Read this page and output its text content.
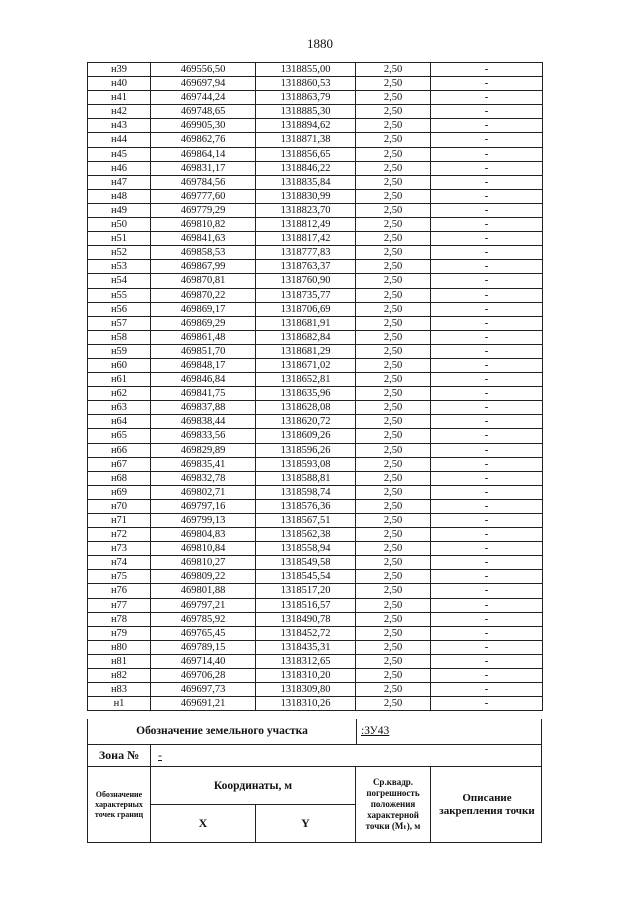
1880
н39	469556,50	1318855,00	2,50	-
н40	469697,94	1318860,53	2,50	-
н41	469744,24	1318863,79	2,50	-
н42	469748,65	1318885,30	2,50	-
н43	469905,30	1318894,62	2,50	-
н44	469862,76	1318871,38	2,50	-
н45	469864,14	1318856,65	2,50	-
н46	469831,17	1318846,22	2,50	-
н47	469784,56	1318835,84	2,50	-
н48	469777,60	1318830,99	2,50	-
н49	469779,29	1318823,70	2,50	-
н50	469810,82	1318812,49	2,50	-
н51	469841,63	1318817,42	2,50	-
н52	469858,53	1318777,83	2,50	-
н53	469867,99	1318763,37	2,50	-
н54	469870,81	1318760,90	2,50	-
н55	469870,22	1318735,77	2,50	-
н56	469869,17	1318706,69	2,50	-
н57	469869,29	1318681,91	2,50	-
н58	469861,48	1318682,84	2,50	-
н59	469851,70	1318681,29	2,50	-
н60	469848,17	1318671,02	2,50	-
н61	469846,84	1318652,81	2,50	-
н62	469841,75	1318635,96	2,50	-
н63	469837,88	1318628,08	2,50	-
н64	469838,44	1318620,72	2,50	-
н65	469833,56	1318609,26	2,50	-
н66	469829,89	1318596,26	2,50	-
н67	469835,41	1318593,08	2,50	-
н68	469832,78	1318588,81	2,50	-
н69	469802,71	1318598,74	2,50	-
н70	469797,16	1318576,36	2,50	-
н71	469799,13	1318567,51	2,50	-
н72	469804,83	1318562,38	2,50	-
н73	469810,84	1318558,94	2,50	-
н74	469810,27	1318549,58	2,50	-
н75	469809,22	1318545,54	2,50	-
н76	469801,88	1318517,20	2,50	-
н77	469797,21	1318516,57	2,50	-
н78	469785,92	1318490,78	2,50	-
н79	469765,45	1318452,72	2,50	-
н80	469789,15	1318435,31	2,50	-
н81	469714,40	1318312,65	2,50	-
н82	469706,28	1318310,20	2,50	-
н83	469697,73	1318309,80	2,50	-
н1	469691,21	1318310,26	2,50	-
Обозначение земельного участка	:ЗУ43
Зона №	-
Обозначение характерных точек границ
Координаты, м
X	Y
Ср.квадр. погрешность положения характерной точки (Mₜ), м
Описание закрепления точки
